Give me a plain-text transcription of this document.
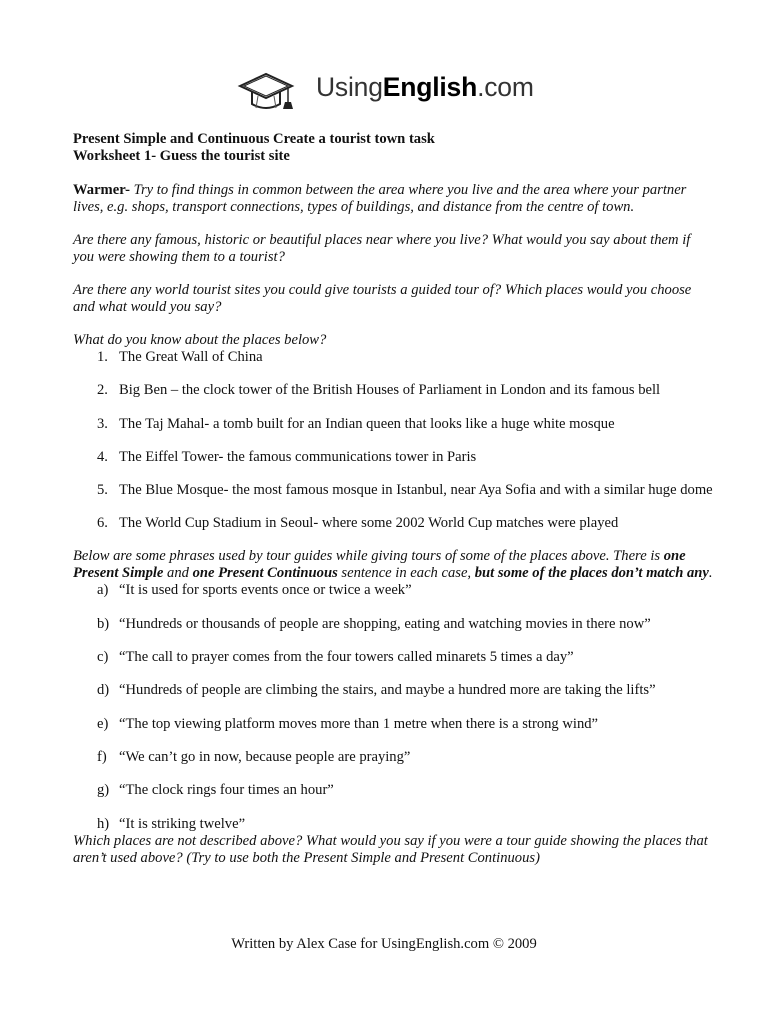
UsingEnglish.com

Present Simple and Continuous Create a tourist town task

Worksheet 1- Guess the tourist site

Warmer- Try to find things in common between the area where you live and the area where your partner lives, e.g. shops, transport connections, types of buildings, and distance from the centre of town.

Are there any famous, historic or beautiful places near where you live? What would you say about them if you were showing them to a tourist?

Are there any world tourist sites you could give tourists a guided tour of? Which places would you choose and what would you say?

What do you know about the places below?

1. The Great Wall of China
2. Big Ben – the clock tower of the British Houses of Parliament in London and its famous bell
3. The Taj Mahal- a tomb built for an Indian queen that looks like a huge white mosque
4. The Eiffel Tower- the famous communications tower in Paris
5. The Blue Mosque- the most famous mosque in Istanbul, near Aya Sofia and with a similar huge dome
6. The World Cup Stadium in Seoul- where some 2002 World Cup matches were played

Below are some phrases used by tour guides while giving tours of some of the places above. There is one Present Simple and one Present Continuous sentence in each case, but some of the places don’t match any.

a) “It is used for sports events once or twice a week”
b) “Hundreds or thousands of people are shopping, eating and watching movies in there now”
c) “The call to prayer comes from the four towers called minarets 5 times a day”
d) “Hundreds of people are climbing the stairs, and maybe a hundred more are taking the lifts”
e) “The top viewing platform moves more than 1 metre when there is a strong wind”
f) “We can’t go in now, because people are praying”
g) “The clock rings four times an hour”
h) “It is striking twelve”

Which places are not described above? What would you say if you were a tour guide showing the places that aren’t used above? (Try to use both the Present Simple and Present Continuous)

Written by Alex Case for UsingEnglish.com © 2009
